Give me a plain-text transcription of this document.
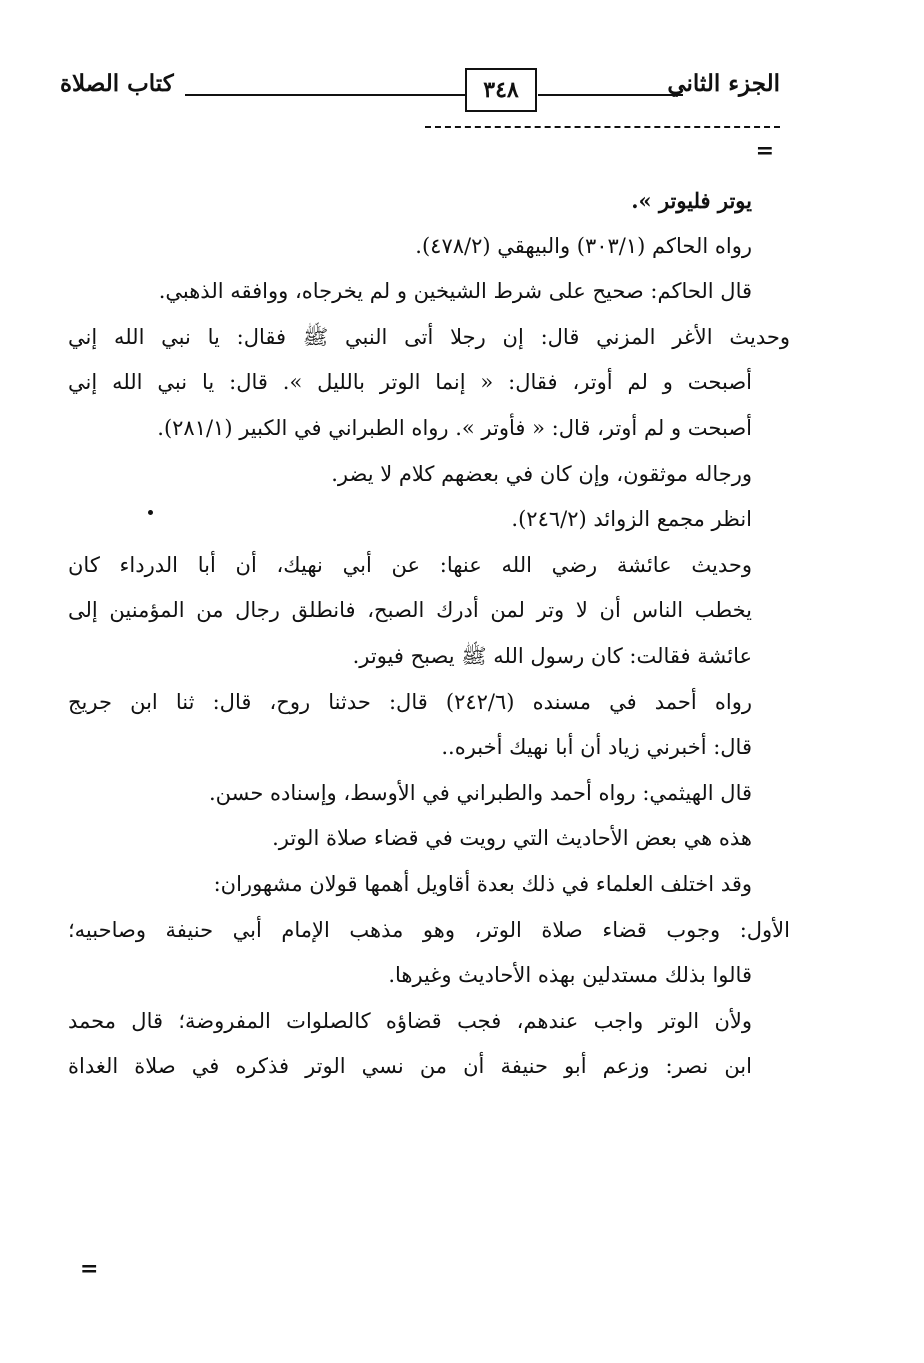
الجزء الثاني
٣٤٨
كتاب الصلاة
=
يوتر فليوتر ».
رواه الحاكم (٣٠٣/١) والبيهقي (٤٧٨/٢).
قال الحاكم: صحيح على شرط الشيخين و لم يخرجاه، ووافقه الذهبي.
وحديث الأغر المزني قال: إن رجلا أتى النبي ﷺ فقال: يا نبي الله إني
أصبحت و لم أوتر، فقال: « إنما الوتر بالليل ». قال: يا نبي الله إني
أصبحت و لم أوتر، قال: « فأوتر ». رواه الطبراني في الكبير (٢٨١/١).
ورجاله موثقون، وإن كان في بعضهم كلام لا يضر.
انظر مجمع الزوائد (٢٤٦/٢).
وحديث عائشة رضي الله عنها: عن أبي نهيك، أن أبا الدرداء كان
يخطب الناس أن لا وتر لمن أدرك الصبح، فانطلق رجال من المؤمنين إلى
عائشة فقالت: كان رسول الله ﷺ يصبح فيوتر.
رواه أحمد في مسنده (٢٤٢/٦) قال: حدثنا روح، قال: ثنا ابن جريج
قال: أخبرني زياد أن أبا نهيك أخبره..
قال الهيثمي: رواه أحمد والطبراني في الأوسط، وإسناده حسن.
هذه هي بعض الأحاديث التي رويت في قضاء صلاة الوتر.
وقد اختلف العلماء في ذلك بعدة أقاويل أهمها قولان مشهوران:
الأول: وجوب قضاء صلاة الوتر، وهو مذهب الإمام أبي حنيفة وصاحبيه؛
قالوا بذلك مستدلين بهذه الأحاديث وغيرها.
ولأن الوتر واجب عندهم، فجب قضاؤه كالصلوات المفروضة؛ قال محمد
ابن نصر: وزعم أبو حنيفة أن من نسي الوتر فذكره في صلاة الغداة
=
